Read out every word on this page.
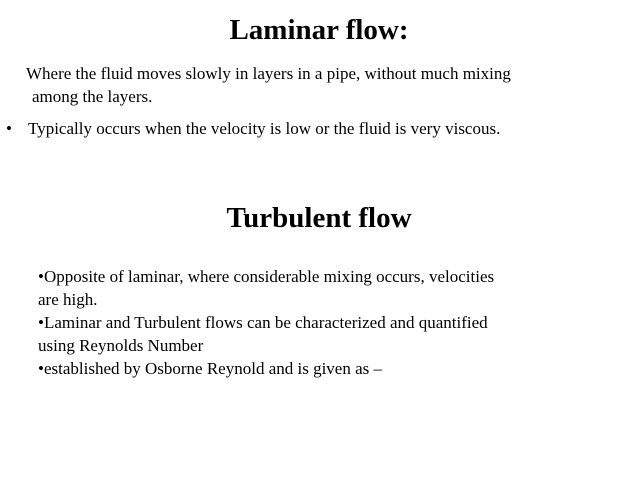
Laminar flow:

Where the fluid moves slowly in layers in a pipe, without much mixing
among the layers.

• Typically occurs when the velocity is low or the fluid is very viscous.

Turbulent flow
•Opposite of laminar, where considerable mixing occurs, velocities
are high.
•Laminar and Turbulent flows can be characterized and quantified
using Reynolds Number
•established by Osborne Reynold and is given as –
